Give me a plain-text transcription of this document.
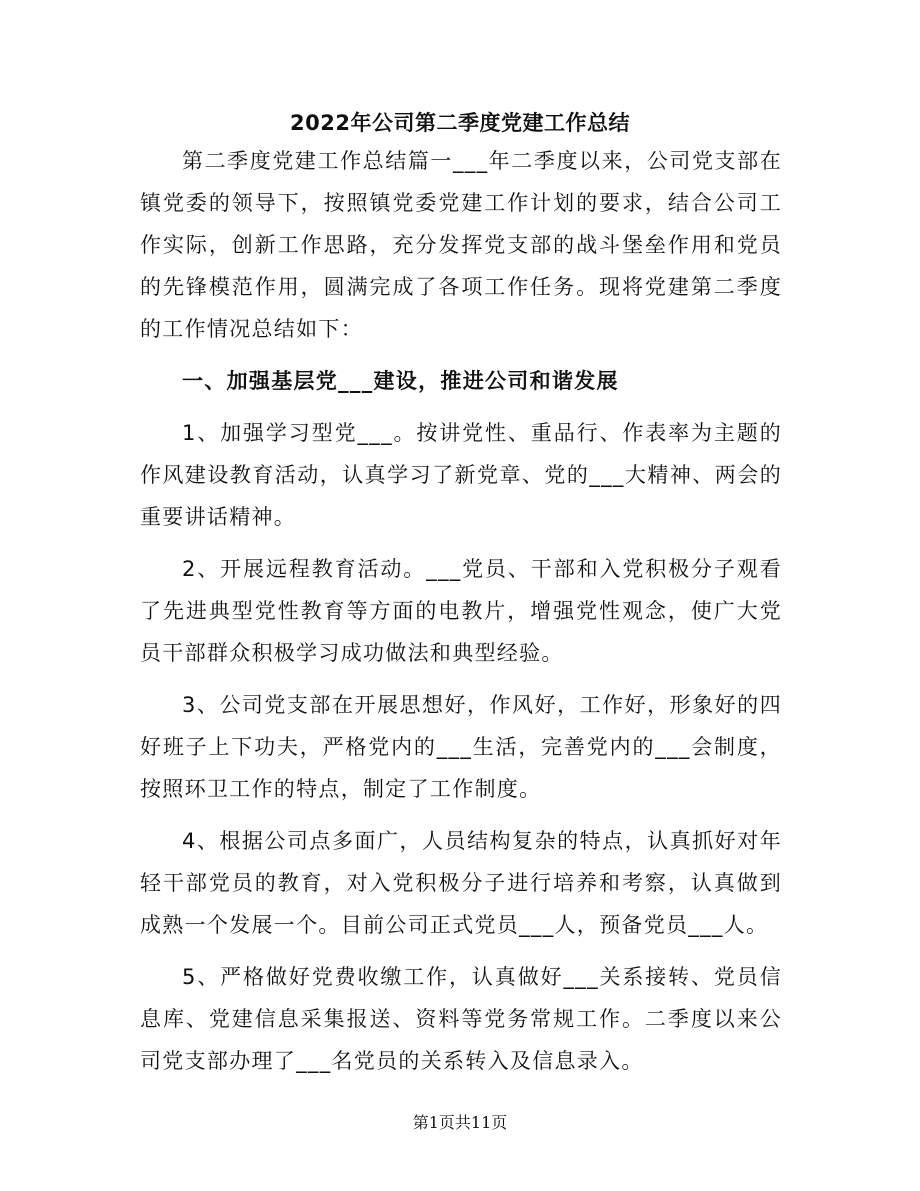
2022年公司第二季度党建工作总结

第二季度党建工作总结篇一___年二季度以来，公司党支部在镇党委的领导下，按照镇党委党建工作计划的要求，结合公司工作实际，创新工作思路，充分发挥党支部的战斗堡垒作用和党员的先锋模范作用，圆满完成了各项工作任务。现将党建第二季度的工作情况总结如下：

一、加强基层党___建设，推进公司和谐发展

1、加强学习型党___。按讲党性、重品行、作表率为主题的作风建设教育活动，认真学习了新党章、党的___大精神、两会的重要讲话精神。

2、开展远程教育活动。___党员、干部和入党积极分子观看了先进典型党性教育等方面的电教片，增强党性观念，使广大党员干部群众积极学习成功做法和典型经验。

3、公司党支部在开展思想好，作风好，工作好，形象好的四好班子上下功夫，严格党内的___生活，完善党内的___会制度，按照环卫工作的特点，制定了工作制度。

4、根据公司点多面广，人员结构复杂的特点，认真抓好对年轻干部党员的教育，对入党积极分子进行培养和考察，认真做到成熟一个发展一个。目前公司正式党员___人，预备党员___人。

5、严格做好党费收缴工作，认真做好___关系接转、党员信息库、党建信息采集报送、资料等党务常规工作。二季度以来公司党支部办理了___名党员的关系转入及信息录入。

第1页共11页
